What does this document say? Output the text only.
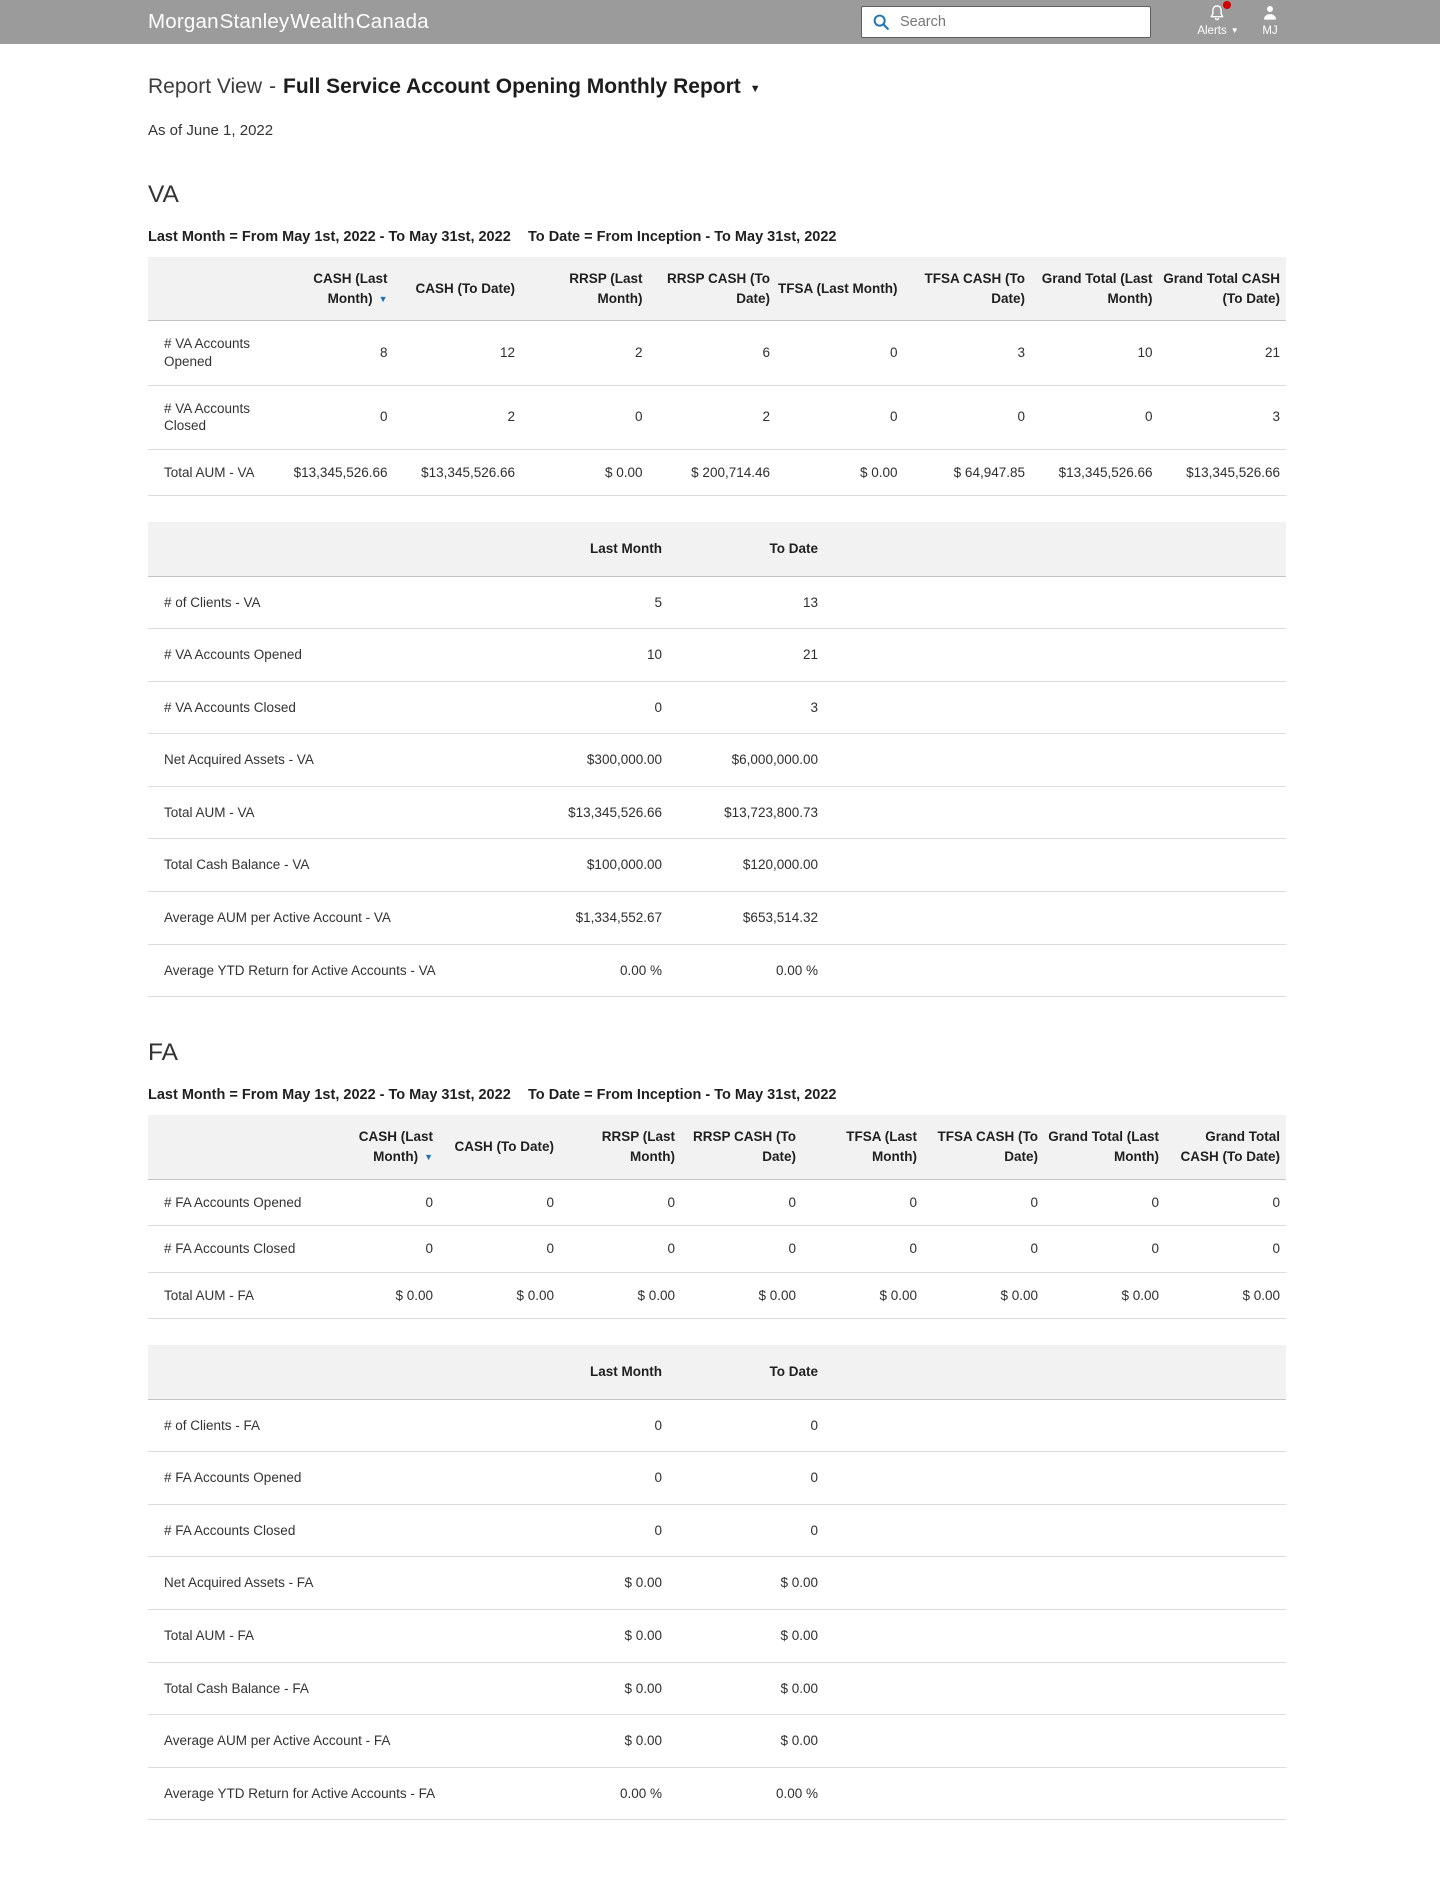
Morgan Stanley Wealth Canada
Search	Alerts ▼ MJ
Report View - Full Service Account Opening Monthly Report ▼
As of June 1, 2022
VA
Last Month = From May 1st, 2022 - To May 31st, 2022 To Date = From Inception - To May 31st, 2022
	CASH (Last Month) ▼	CASH (To Date)	RRSP (Last Month)	RRSP CASH (To Date)	TFSA (Last Month)	TFSA CASH (To Date)	Grand Total (Last Month)	Grand Total CASH (To Date)
# VA Accounts Opened	8	12	2	6	0	3	10	21
# VA Accounts Closed	0	2	0	2	0	0	0	3
Total AUM - VA	$13,345,526.66	$13,345,526.66	$ 0.00	$ 200,714.46	$ 0.00	$ 64,947.85	$13,345,526.66	$13,345,526.66
	Last Month	To Date	
# of Clients - VA	5	13	
# VA Accounts Opened	10	21	
# VA Accounts Closed	0	3	
Net Acquired Assets - VA	$300,000.00	$6,000,000.00	
Total AUM - VA	$13,345,526.66	$13,723,800.73	
Total Cash Balance - VA	$100,000.00	$120,000.00	
Average AUM per Active Account - VA	$1,334,552.67	$653,514.32	
Average YTD Return for Active Accounts - VA	0.00 %	0.00 %	
FA
Last Month = From May 1st, 2022 - To May 31st, 2022 To Date = From Inception - To May 31st, 2022
	CASH (Last Month) ▼	CASH (To Date)	RRSP (Last Month)	RRSP CASH (To Date)	TFSA (Last Month)	TFSA CASH (To Date)	Grand Total (Last Month)	Grand Total CASH (To Date)
# FA Accounts Opened	0	0	0	0	0	0	0	0
# FA Accounts Closed	0	0	0	0	0	0	0	0
Total AUM - FA	$ 0.00	$ 0.00	$ 0.00	$ 0.00	$ 0.00	$ 0.00	$ 0.00	$ 0.00
	Last Month	To Date	
# of Clients - FA	0	0	
# FA Accounts Opened	0	0	
# FA Accounts Closed	0	0	
Net Acquired Assets - FA	$ 0.00	$ 0.00	
Total AUM - FA	$ 0.00	$ 0.00	
Total Cash Balance - FA	$ 0.00	$ 0.00	
Average AUM per Active Account - FA	$ 0.00	$ 0.00	
Average YTD Return for Active Accounts - FA	0.00 %	0.00 %	
